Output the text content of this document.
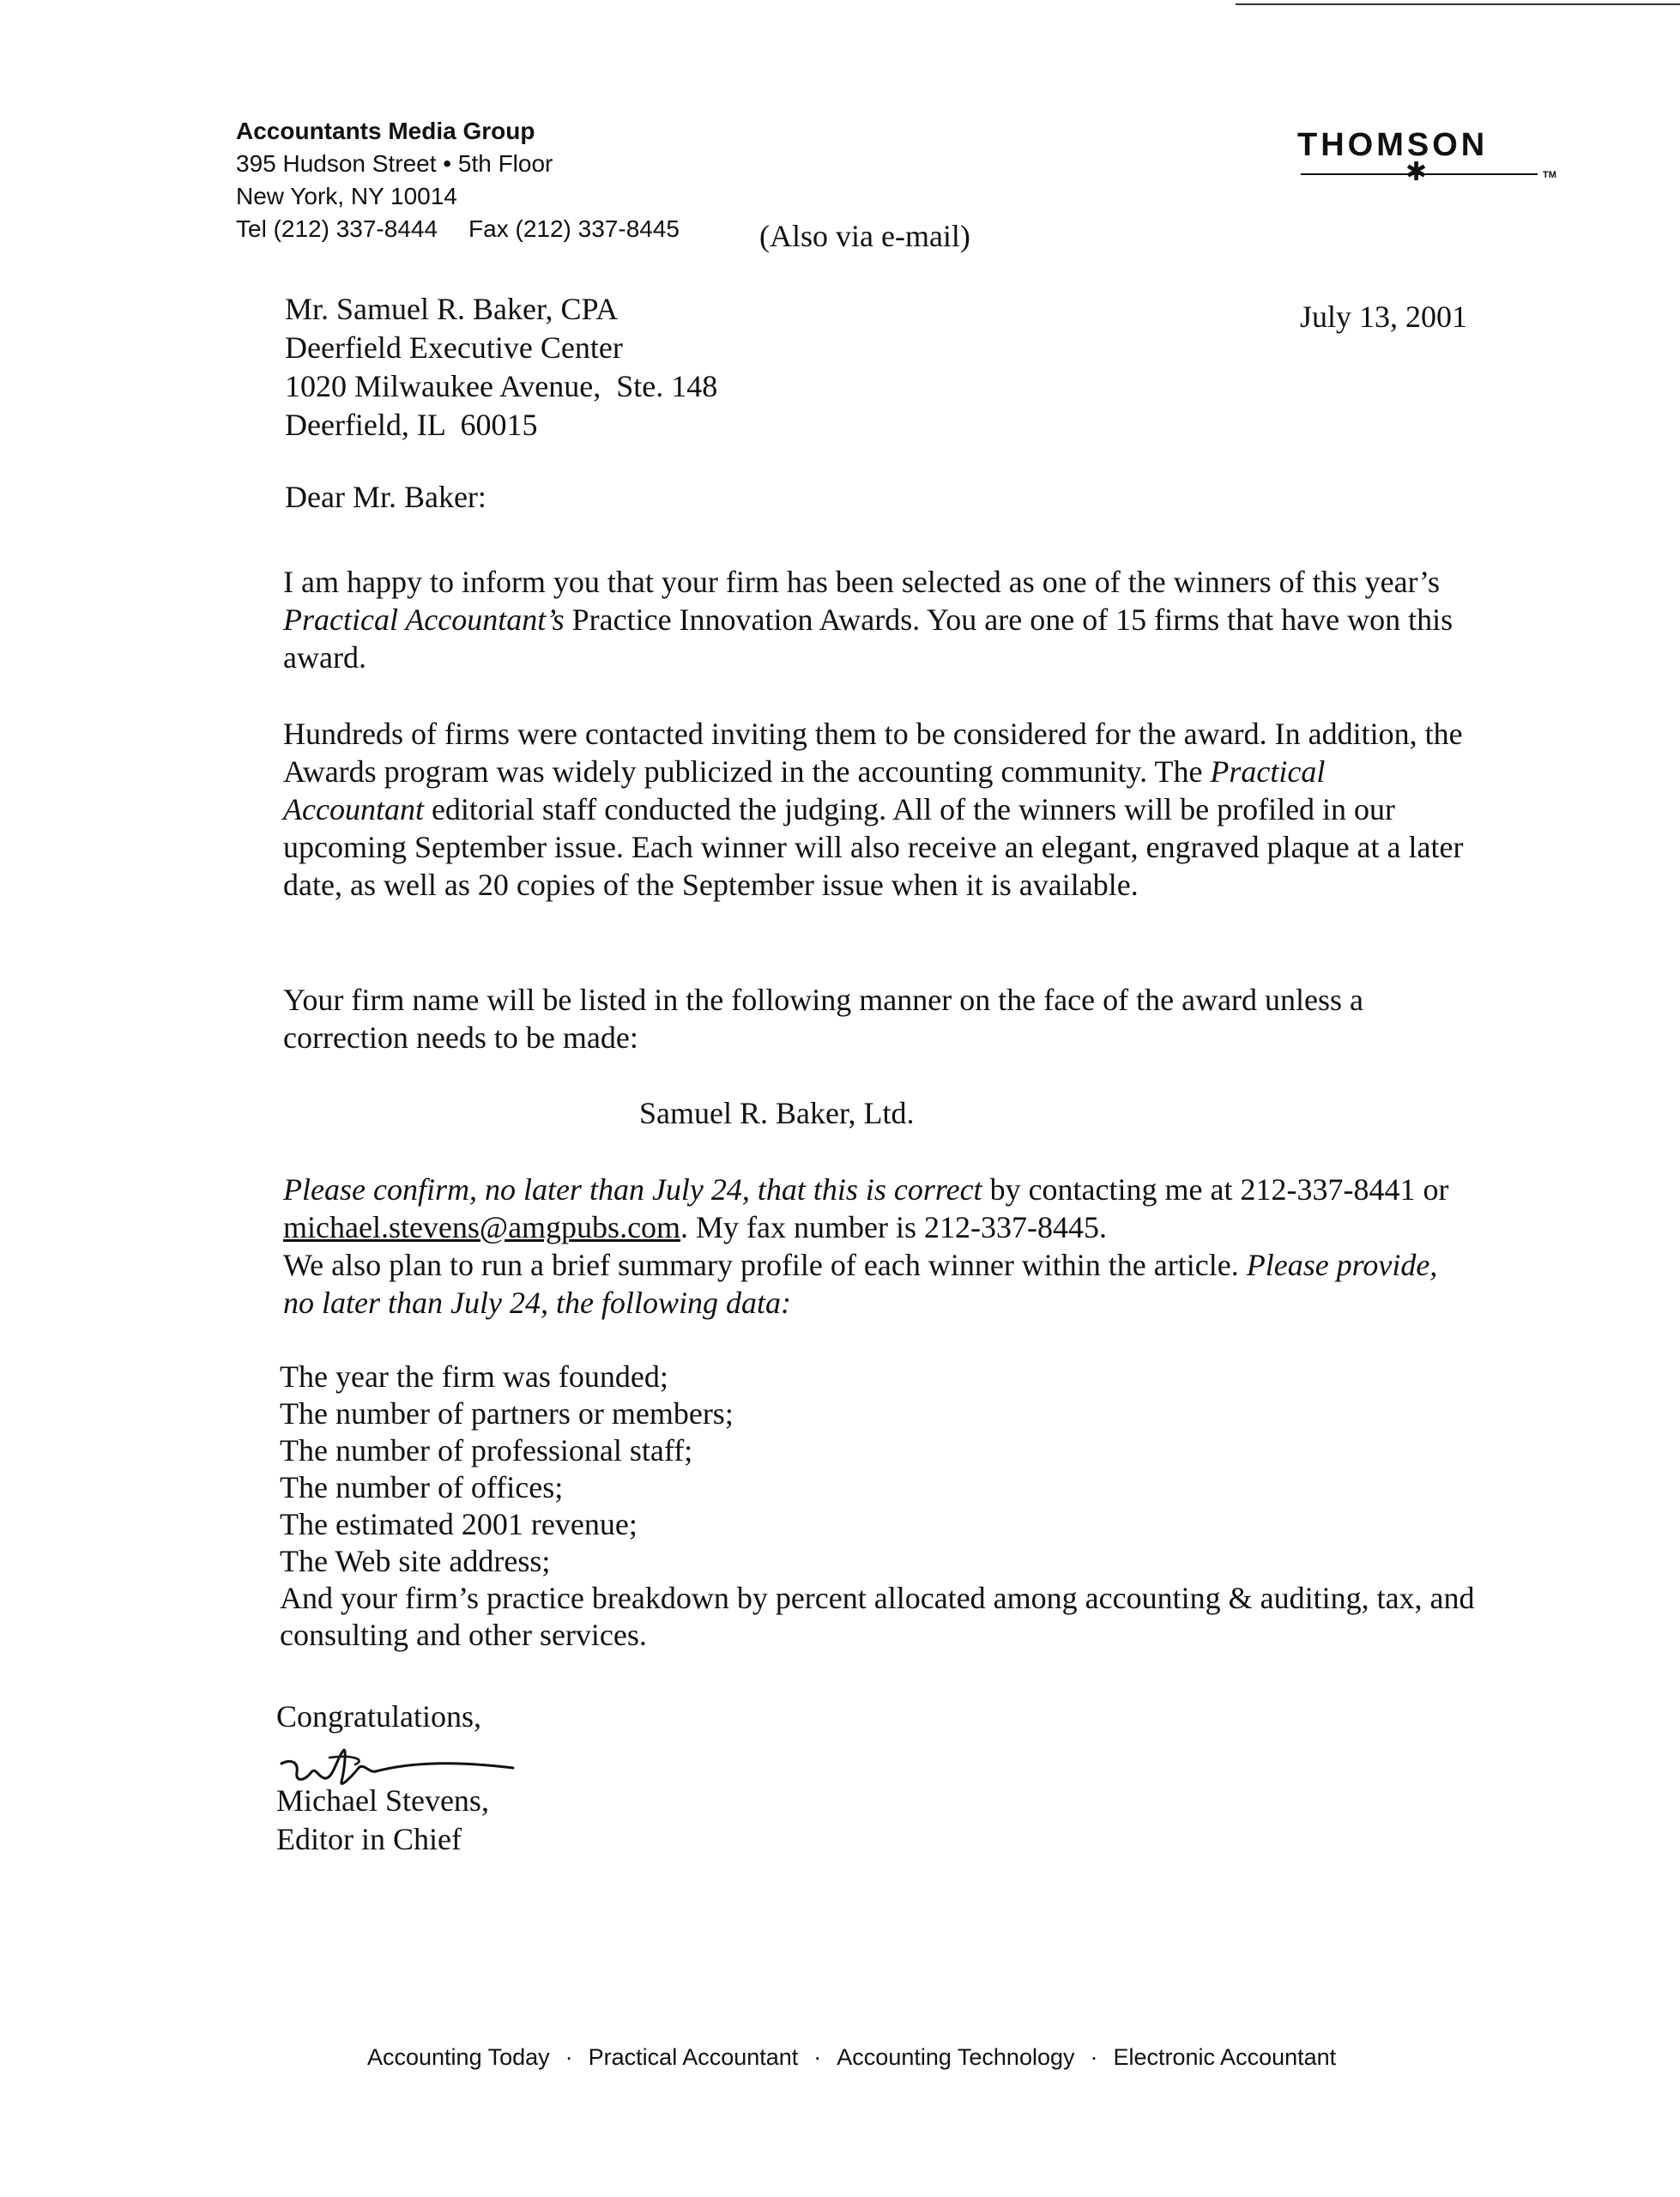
Accountants Media Group
395 Hudson Street • 5th Floor
New York, NY 10014
Tel (212) 337-8444 Fax (212) 337-8445	(Also via e-mail)
THOMSON
✱	TM
July 13, 2001
Mr. Samuel R. Baker, CPA
Deerfield Executive Center
1020 Milwaukee Avenue,  Ste. 148
Deerfield, IL  60015
Dear Mr. Baker:

I am happy to inform you that your firm has been selected as one of the winners of this year’s Practical Accountant’s Practice Innovation Awards. You are one of 15 firms that have won this award.

Hundreds of firms were contacted inviting them to be considered for the award. In addition, the Awards program was widely publicized in the accounting community. The Practical Accountant editorial staff conducted the judging. All of the winners will be profiled in our upcoming September issue. Each winner will also receive an elegant, engraved plaque at a later date, as well as 20 copies of the September issue when it is available.

Your firm name will be listed in the following manner on the face of the award unless a correction needs to be made:

Samuel R. Baker, Ltd.

Please confirm, no later than July 24, that this is correct by contacting me at 212-337-8441 or michael.stevens@amgpubs.com. My fax number is 212-337-8445.

We also plan to run a brief summary profile of each winner within the article. Please provide, no later than July 24, the following data:

The year the firm was founded;
The number of partners or members;
The number of professional staff;
The number of offices;
The estimated 2001 revenue;
The Web site address;
And your firm’s practice breakdown by percent allocated among accounting & auditing, tax, and consulting and other services.
Congratulations,
Michael Stevens,
Editor in Chief
Accounting Today · Practical Accountant · Accounting Technology · Electronic Accountant
